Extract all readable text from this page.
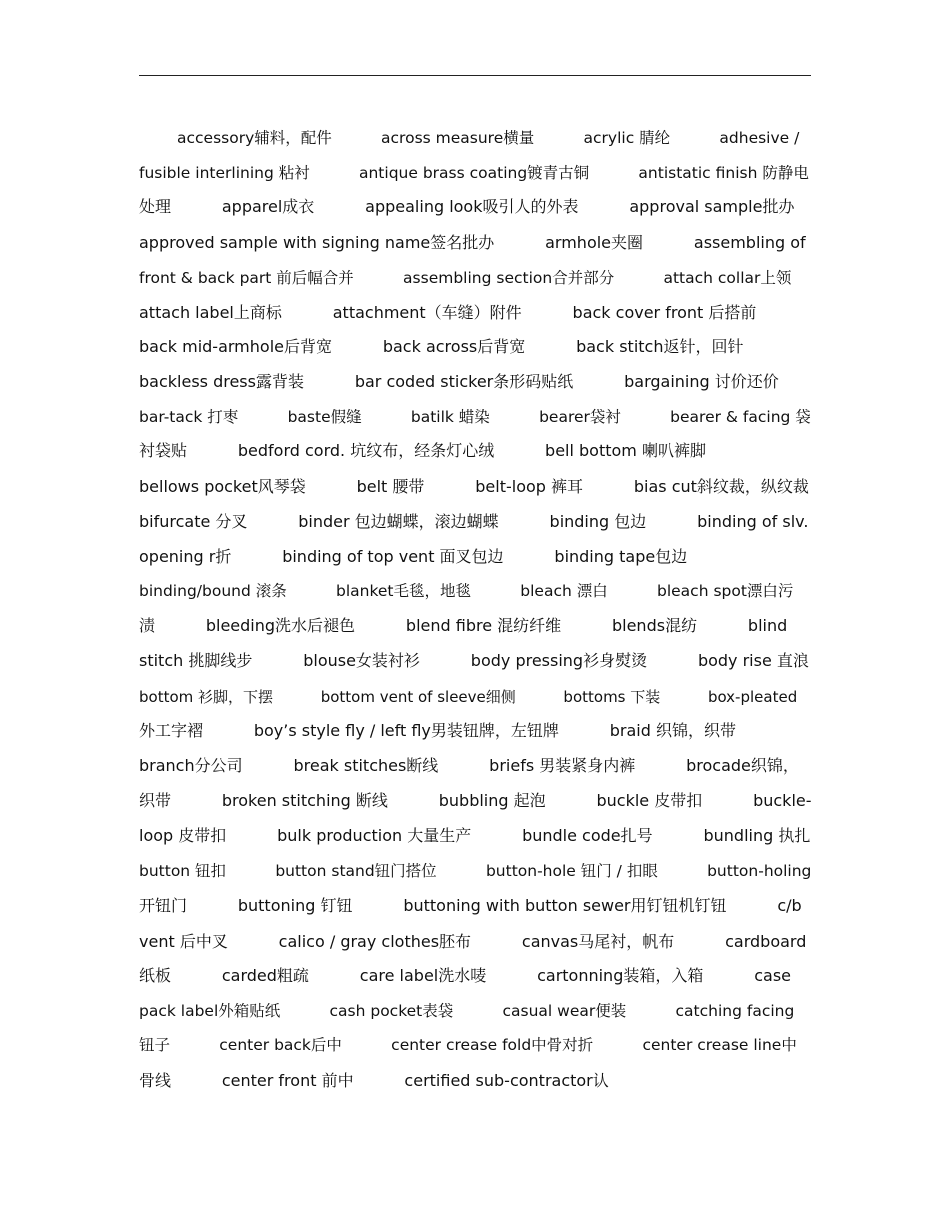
accessory辅料，配件          across measure横量          acrylic 腈纶          adhesive /
fusible interlining 粘衬          antique brass coating镀青古铜          antistatic finish 防静电
处理          apparel成衣          appealing look吸引人的外表          approval sample批办
approved sample with signing name签名批办          armhole夹圈          assembling of
front & back part 前后幅合并          assembling section合并部分          attach collar上领
attach label上商标          attachment（车缝）附件          back cover front 后搭前
back mid-armhole后背宽          back across后背宽          back stitch返针，回针
backless dress露背装          bar coded sticker条形码贴纸          bargaining 讨价还价
bar-tack 打枣          baste假缝          batilk 蜡染          bearer袋衬          bearer & facing 袋
衬袋贴          bedford cord. 坑纹布，经条灯心绒          bell bottom 喇叭裤脚
bellows pocket风琴袋          belt 腰带          belt-loop 裤耳          bias cut斜纹裁，纵纹裁
bifurcate 分叉          binder 包边蝴蝶，滚边蝴蝶          binding 包边          binding of slv.
opening r折          binding of top vent 面叉包边          binding tape包边
binding/bound 滚条          blanket毛毯，地毯          bleach 漂白          bleach spot漂白污
渍          bleeding洗水后褪色          blend fibre 混纺纤维          blends混纺          blind
stitch 挑脚线步          blouse女装衬衫          body pressing衫身熨烫          body rise 直浪
bottom 衫脚，下摆          bottom vent of sleeve细侧          bottoms 下装          box-pleated
外工字褶          boy’s style fly / left fly男装钮牌，左钮牌          braid 织锦，织带
branch分公司          break stitches断线          briefs 男装紧身内裤          brocade织锦，
织带          broken stitching 断线          bubbling 起泡          buckle 皮带扣          buckle-
loop 皮带扣          bulk production 大量生产          bundle code扎号          bundling 执扎
button 钮扣          button stand钮门搭位          button-hole 钮门 / 扣眼          button-holing
开钮门          buttoning 钉钮          buttoning with button sewer用钉钮机钉钮          c/b
vent 后中叉          calico / gray clothes胚布          canvas马尾衬，帆布          cardboard
纸板          carded粗疏          care label洗水唛          cartonning装箱，入箱          case
pack label外箱贴纸          cash pocket表袋          casual wear便装          catching facing
钮子          center back后中          center crease fold中骨对折          center crease line中
骨线          center front 前中          certified sub-contractor认
